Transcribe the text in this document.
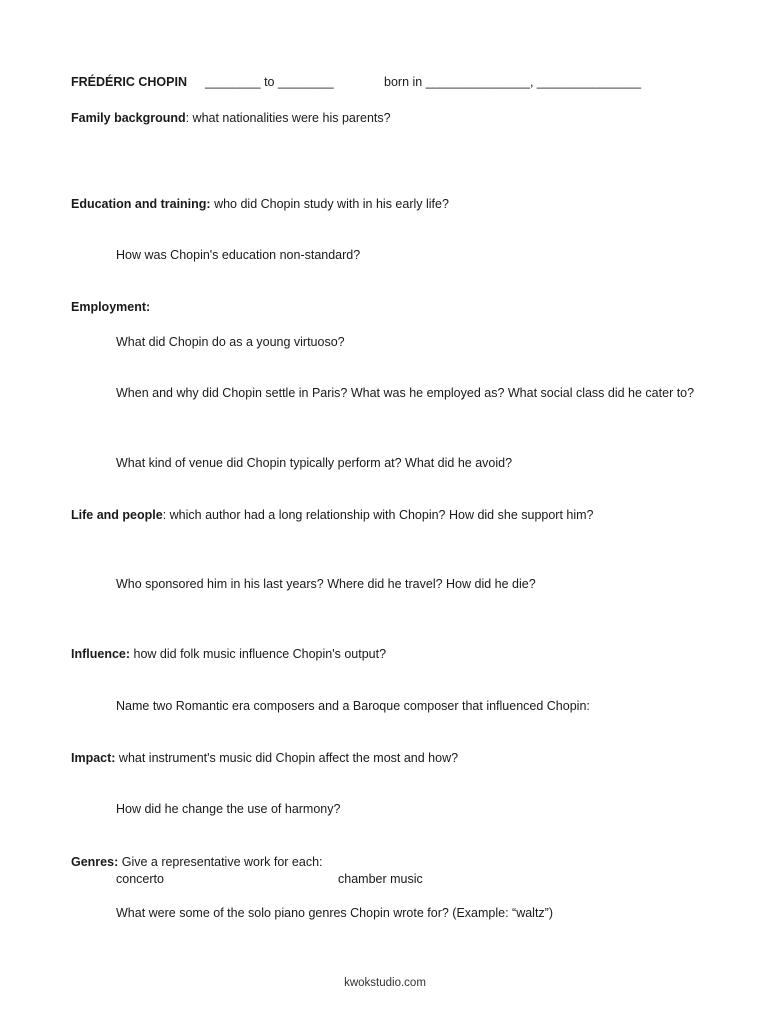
FRÉDÉRIC CHOPIN ________ to ________	born in _______________, _______________
Family background: what nationalities were his parents?
Education and training: who did Chopin study with in his early life?
How was Chopin's education non-standard?
Employment:
What did Chopin do as a young virtuoso?
When and why did Chopin settle in Paris? What was he employed as? What social class did he cater to?
What kind of venue did Chopin typically perform at? What did he avoid?
Life and people: which author had a long relationship with Chopin? How did she support him?
Who sponsored him in his last years? Where did he travel? How did he die?
Influence: how did folk music influence Chopin's output?
Name two Romantic era composers and a Baroque composer that influenced Chopin:
Impact: what instrument's music did Chopin affect the most and how?
How did he change the use of harmony?
Genres: Give a representative work for each:
concerto	chamber music
What were some of the solo piano genres Chopin wrote for? (Example: “waltz”)
kwokstudio.com
